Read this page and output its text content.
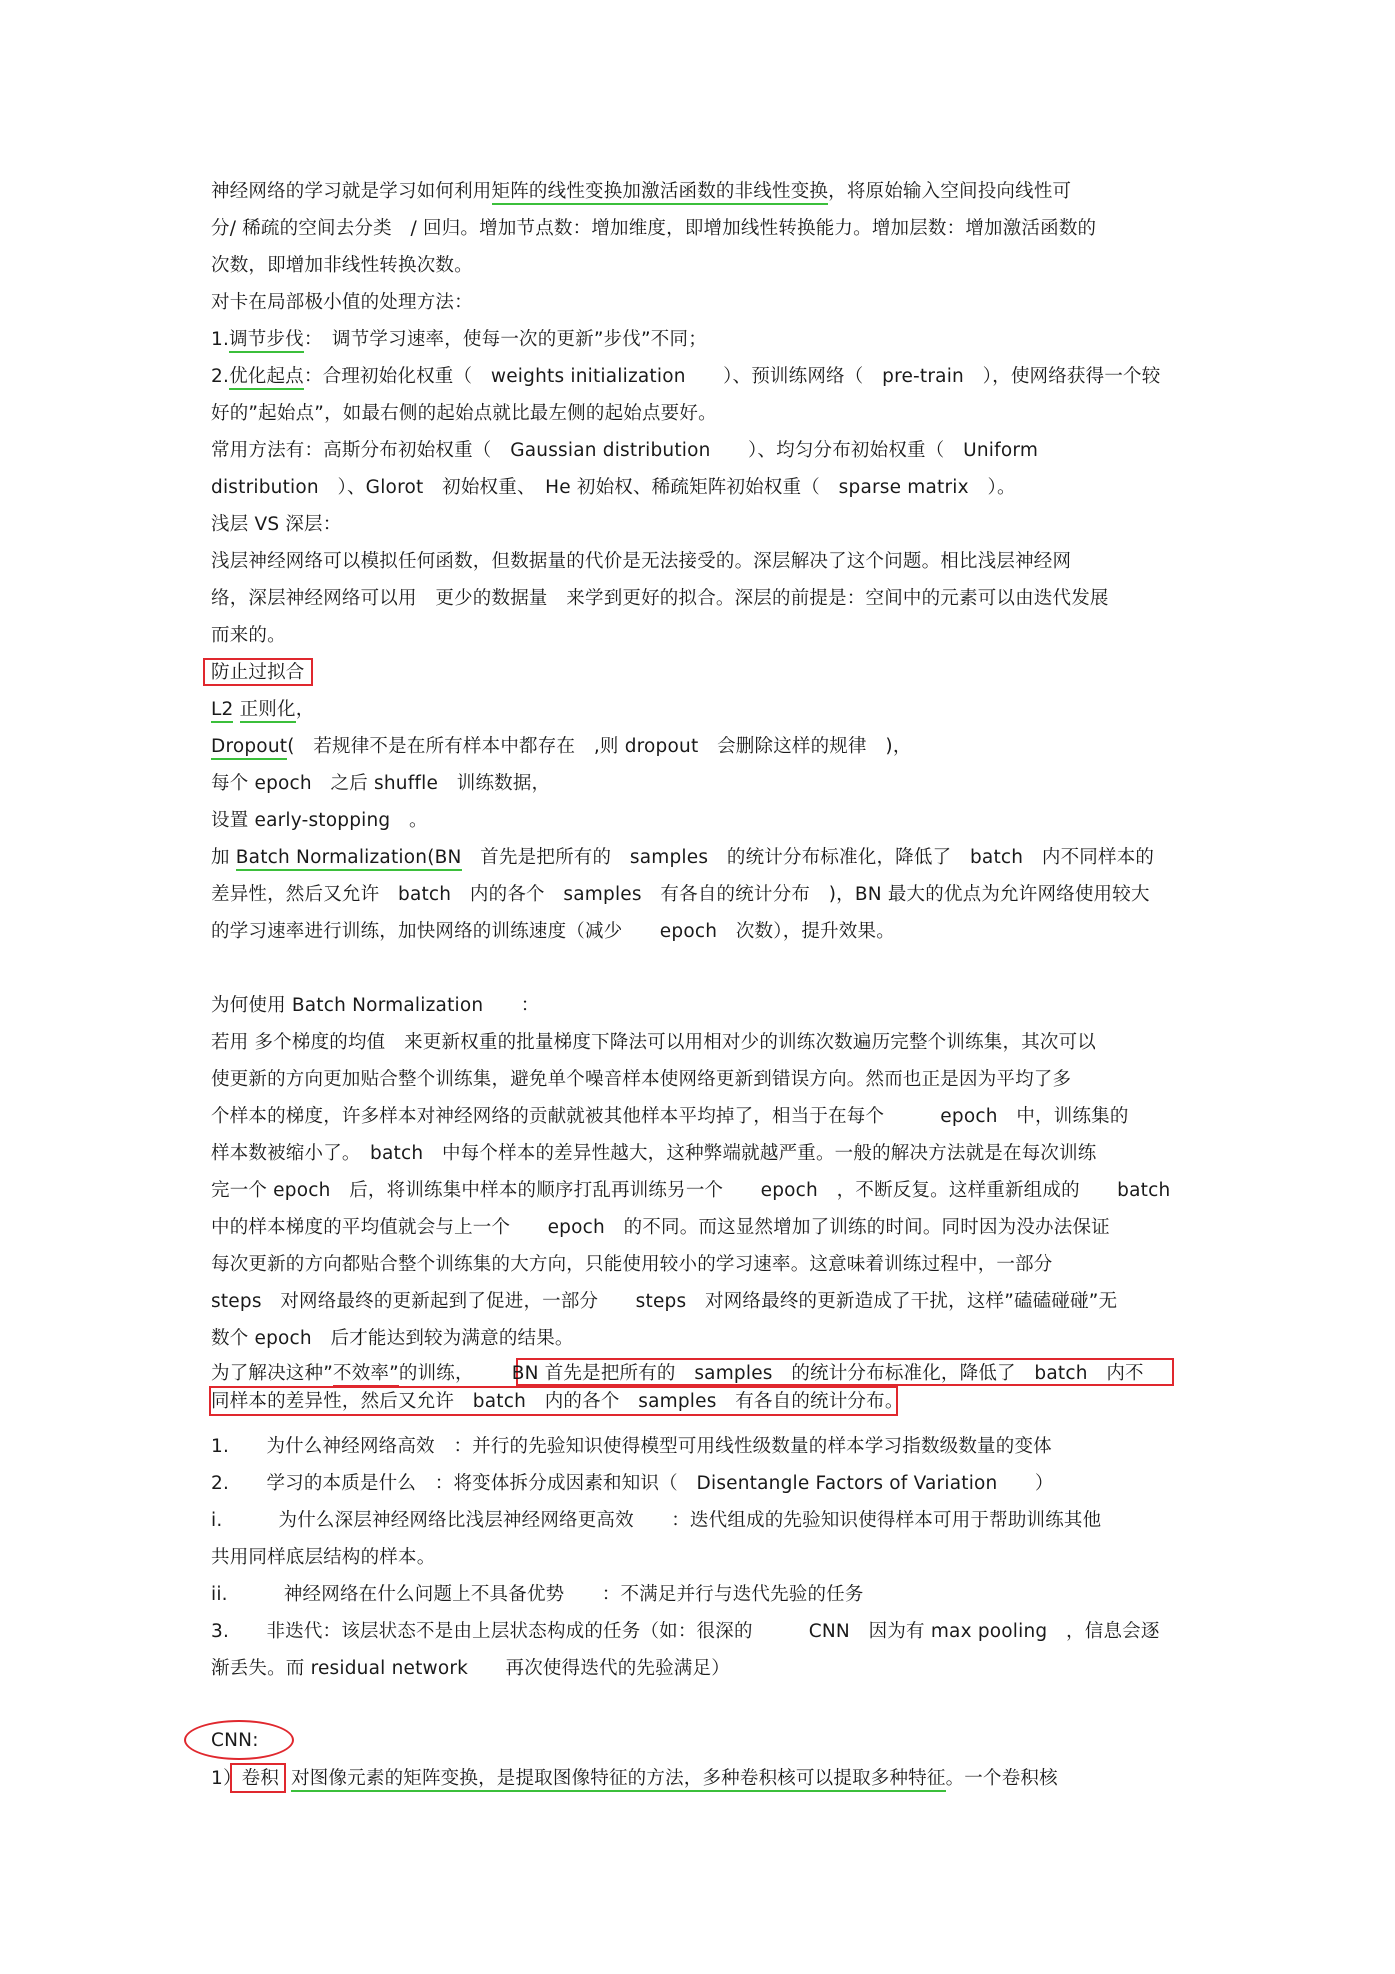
神经网络的学习就是学习如何利用矩阵的线性变换加激活函数的非线性变换，将原始输入空间投向线性可
分/ 稀疏的空间去分类　/ 回归。增加节点数：增加维度，即增加线性转换能力。增加层数：增加激活函数的
次数，即增加非线性转换次数。
对卡在局部极小值的处理方法：
1.调节步伐：　调节学习速率，使每一次的更新”步伐”不同；
2.优化起点：合理初始化权重（　weights initialization　　）、预训练网络（　pre-train　），使网络获得一个较
好的”起始点”，如最右侧的起始点就比最左侧的起始点要好。
常用方法有：高斯分布初始权重（　Gaussian distribution　　）、均匀分布初始权重（　Uniform
distribution　）、Glorot　初始权重、　He 初始权、稀疏矩阵初始权重（　sparse matrix　）。
浅层 VS 深层：
浅层神经网络可以模拟任何函数，但数据量的代价是无法接受的。深层解决了这个问题。相比浅层神经网
络，深层神经网络可以用　更少的数据量　来学到更好的拟合。深层的前提是：空间中的元素可以由迭代发展
而来的。
防止过拟合
L2 正则化，
Dropout(　若规律不是在所有样本中都存在　,则 dropout　会删除这样的规律　)，
每个 epoch　之后 shuffle　训练数据，
设置 early-stopping　。
加 Batch Normalization(BN　首先是把所有的　samples　的统计分布标准化，降低了　batch　内不同样本的
差异性，然后又允许　batch　内的各个　samples　有各自的统计分布　)，BN 最大的优点为允许网络使用较大
的学习速率进行训练，加快网络的训练速度（减少　　epoch　次数），提升效果。
为何使用 Batch Normalization　　：
若用 多个梯度的均值　来更新权重的批量梯度下降法可以用相对少的训练次数遍历完整个训练集，其次可以
使更新的方向更加贴合整个训练集，避免单个噪音样本使网络更新到错误方向。然而也正是因为平均了多
个样本的梯度，许多样本对神经网络的贡献就被其他样本平均掉了，相当于在每个　　　epoch　中，训练集的
样本数被缩小了。　batch　中每个样本的差异性越大，这种弊端就越严重。一般的解决方法就是在每次训练
完一个 epoch　后，将训练集中样本的顺序打乱再训练另一个　　epoch　，不断反复。这样重新组成的　　batch
中的样本梯度的平均值就会与上一个　　epoch　的不同。而这显然增加了训练的时间。同时因为没办法保证
每次更新的方向都贴合整个训练集的大方向，只能使用较小的学习速率。这意味着训练过程中，一部分
steps　对网络最终的更新起到了促进，一部分　　steps　对网络最终的更新造成了干扰，这样”磕磕碰碰”无
数个 epoch　后才能达到较为满意的结果。
为了解决这种”不效率”的训练， BN 首先是把所有的　samples　的统计分布标准化，降低了　batch　内不
同样本的差异性，然后又允许　batch　内的各个　samples　有各自的统计分布。
1.　　为什么神经网络高效　：并行的先验知识使得模型可用线性级数量的样本学习指数级数量的变体
2.　　学习的本质是什么　：将变体拆分成因素和知识（　Disentangle Factors of Variation　　）
i.　　　为什么深层神经网络比浅层神经网络更高效　　：迭代组成的先验知识使得样本可用于帮助训练其他
共用同样底层结构的样本。
ii.　　　神经网络在什么问题上不具备优势　　：不满足并行与迭代先验的任务
3.　　非迭代：该层状态不是由上层状态构成的任务（如：很深的　　　CNN　因为有 max pooling　，信息会逐
渐丢失。而 residual network　　再次使得迭代的先验满足）
CNN:
1）卷积 对图像元素的矩阵变换，是提取图像特征的方法，多种卷积核可以提取多种特征。一个卷积核
